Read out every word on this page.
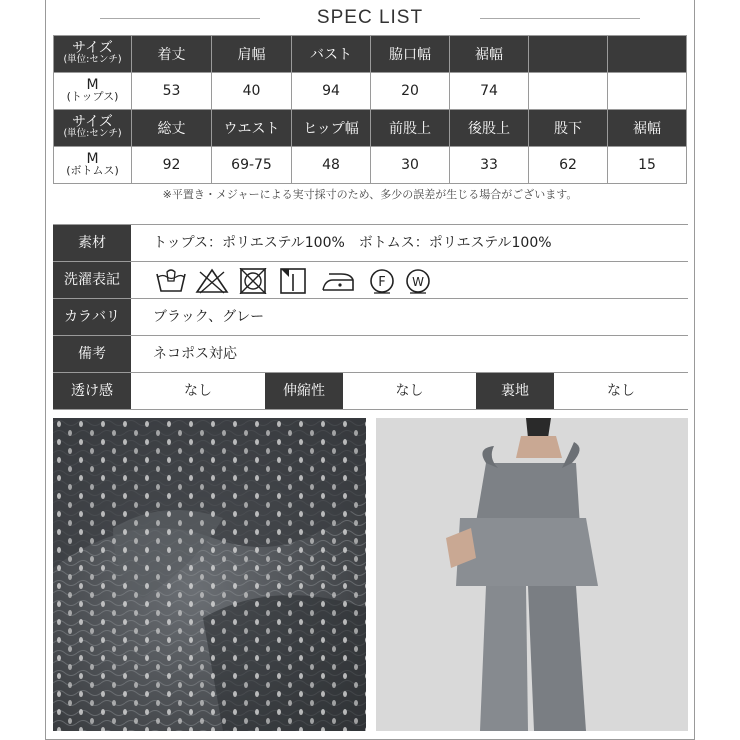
SPEC LIST
サイズ
(単位:センチ)	着丈	肩幅	バスト	脇口幅	裾幅		

M
(トップス)	53	40	94	20	74		

サイズ
(単位:センチ)	総丈	ウエスト	ヒップ幅	前股上	後股上	股下	裾幅

M
(ボトムス)	92	69-75	48	30	33	62	15
※平置き・メジャーによる実寸採寸のため、多少の誤差が生じる場合がございます。
素材	トップス：ポリエステル100%　ボトムス：ポリエステル100%
洗濯表記	F W
カラバリ	ブラック、グレー
備考	ネコポス対応
透け感	なし	伸縮性	なし	裏地	なし
